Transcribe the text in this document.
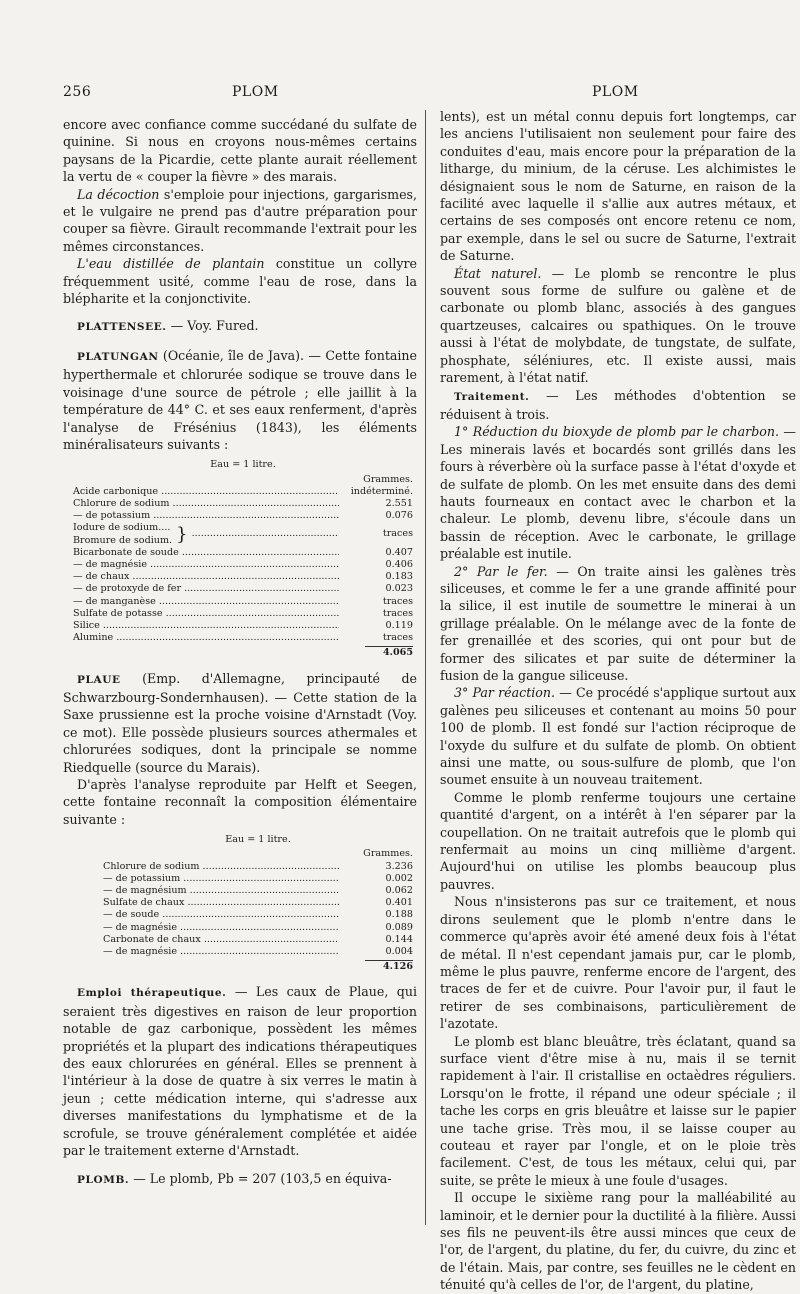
256	PLOM	PLOM

encore avec confiance comme succédané du sulfate de quinine. Si nous en croyons nous-mêmes certains paysans de la Picardie, cette plante aurait réellement la vertu de « couper la fièvre » des marais.

La décoction s'emploie pour injections, gargarismes, et le vulgaire ne prend pas d'autre préparation pour couper sa fièvre. Girault recommande l'extrait pour les mêmes circonstances.

L'eau distillée de plantain constitue un collyre fréquemment usité, comme l'eau de rose, dans la blépharite et la conjonctivite.

PLATTENSEE. — Voy. Fured.

PLATUNGAN (Océanie, île de Java). — Cette fontaine hyperthermale et chlorurée sodique se trouve dans le voisinage d'une source de pétrole ; elle jaillit à la température de 44° C. et ses eaux renferment, d'après l'analyse de Frésénius (1843), les éléments minéralisateurs suivants :

Eau = 1 litre.
Grammes.
Acide carbonique .....	indéterminé.
Chlorure de sodium .....	2.551
— de potassium .....	0.076
Iodure de sodium....
Bromure de sodium. } .....	traces
Bicarbonate de soude .....	0.407
— de magnésie .....	0.406
— de chaux .....	0.183
— de protoxyde de fer .....	0.023
— de manganèse .....	traces
Sulfate de potasse .....	traces
Silice .....	0.119
Alumine .....	traces
4.065

PLAUE (Emp. d'Allemagne, principauté de Schwarzbourg-Sondernhausen). — Cette station de la Saxe prussienne est la proche voisine d'Arnstadt (Voy. ce mot). Elle possède plusieurs sources athermales et chlorurées sodiques, dont la principale se nomme Riedquelle (source du Marais).

D'après l'analyse reproduite par Helft et Seegen, cette fontaine reconnaît la composition élémentaire suivante :

Eau = 1 litre.
Grammes.
Chlorure de sodium .....	3.236
— de potassium .....	0.002
— de magnésium .....	0.062
Sulfate de chaux .....	0.401
— de soude .....	0.188
— de magnésie .....	0.089
Carbonate de chaux .....	0.144
— de magnésie .....	0.004
4.126

Emploi thérapeutique. — Les caux de Plaue, qui seraient très digestives en raison de leur proportion notable de gaz carbonique, possèdent les mêmes propriétés et la plupart des indications thérapeutiques des eaux chlorurées en général. Elles se prennent à l'intérieur à la dose de quatre à six verres le matin à jeun ; cette médication interne, qui s'adresse aux diverses manifestations du lymphatisme et de la scrofule, se trouve généralement complétée et aidée par le traitement externe d'Arnstadt.

PLOMB. — Le plomb, Pb = 207 (103,5 en équiva-

lents), est un métal connu depuis fort longtemps, car les anciens l'utilisaient non seulement pour faire des conduites d'eau, mais encore pour la préparation de la litharge, du minium, de la céruse. Les alchimistes le désignaient sous le nom de Saturne, en raison de la facilité avec laquelle il s'allie aux autres métaux, et certains de ses composés ont encore retenu ce nom, par exemple, dans le sel ou sucre de Saturne, l'extrait de Saturne.

État naturel. — Le plomb se rencontre le plus souvent sous forme de sulfure ou galène et de carbonate ou plomb blanc, associés à des gangues quartzeuses, calcaires ou spathiques. On le trouve aussi à l'état de molybdate, de tungstate, de sulfate, phosphate, séléniures, etc. Il existe aussi, mais rarement, à l'état natif.

Traitement. — Les méthodes d'obtention se réduisent à trois.

1° Réduction du bioxyde de plomb par le charbon. — Les minerais lavés et bocardés sont grillés dans les fours à réverbère où la surface passe à l'état d'oxyde et de sulfate de plomb. On les met ensuite dans des demi hauts fourneaux en contact avec le charbon et la chaleur. Le plomb, devenu libre, s'écoule dans un bassin de réception. Avec le carbonate, le grillage préalable est inutile.

2° Par le fer. — On traite ainsi les galènes très siliceuses, et comme le fer a une grande affinité pour la silice, il est inutile de soumettre le minerai à un grillage préalable. On le mélange avec de la fonte de fer grenaillée et des scories, qui ont pour but de former des silicates et par suite de déterminer la fusion de la gangue siliceuse.

3° Par réaction. — Ce procédé s'applique surtout aux galènes peu siliceuses et contenant au moins 50 pour 100 de plomb. Il est fondé sur l'action réciproque de l'oxyde du sulfure et du sulfate de plomb. On obtient ainsi une matte, ou sous-sulfure de plomb, que l'on soumet ensuite à un nouveau traitement.

Comme le plomb renferme toujours une certaine quantité d'argent, on a intérêt à l'en séparer par la coupellation. On ne traitait autrefois que le plomb qui renfermait au moins un cinq millième d'argent. Aujourd'hui on utilise les plombs beaucoup plus pauvres.

Nous n'insisterons pas sur ce traitement, et nous dirons seulement que le plomb n'entre dans le commerce qu'après avoir été amené deux fois à l'état de métal. Il n'est cependant jamais pur, car le plomb, même le plus pauvre, renferme encore de l'argent, des traces de fer et de cuivre. Pour l'avoir pur, il faut le retirer de ses combinaisons, particulièrement de l'azotate.

Le plomb est blanc bleuâtre, très éclatant, quand sa surface vient d'être mise à nu, mais il se ternit rapidement à l'air. Il cristallise en octaèdres réguliers. Lorsqu'on le frotte, il répand une odeur spéciale ; il tache les corps en gris bleuâtre et laisse sur le papier une tache grise. Très mou, il se laisse couper au couteau et rayer par l'ongle, et on le ploie très facilement. C'est, de tous les métaux, celui qui, par suite, se prête le mieux à une foule d'usages.

Il occupe le sixième rang pour la malléabilité au laminoir, et le dernier pour la ductilité à la filière. Aussi ses fils ne peuvent-ils être aussi minces que ceux de l'or, de l'argent, du platine, du fer, du cuivre, du zinc et de l'étain. Mais, par contre, ses feuilles ne le cèdent en ténuité qu'à celles de l'or, de l'argent, du platine,
